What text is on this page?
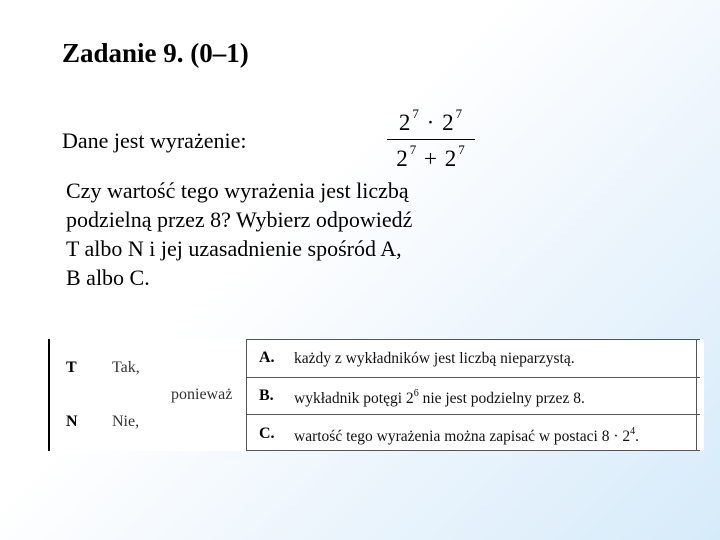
Zadanie 9. (0–1)
Dane jest wyrażenie:
$2^7 \cdot 2^7$
$2^7 + 2^7$
Czy wartość tego wyrażenia jest liczbą podzielną przez 8? Wybierz odpowiedź T albo N i jej uzasadnienie spośród A, B albo C.
T Tak,
ponieważ
N Nie,
A. każdy z wykładników jest liczbą nieparzystą.
B. wykładnik potęgi $2^6$ nie jest podzielny przez 8.
C. wartość tego wyrażenia można zapisać w postaci $8 \cdot 2^4$.
